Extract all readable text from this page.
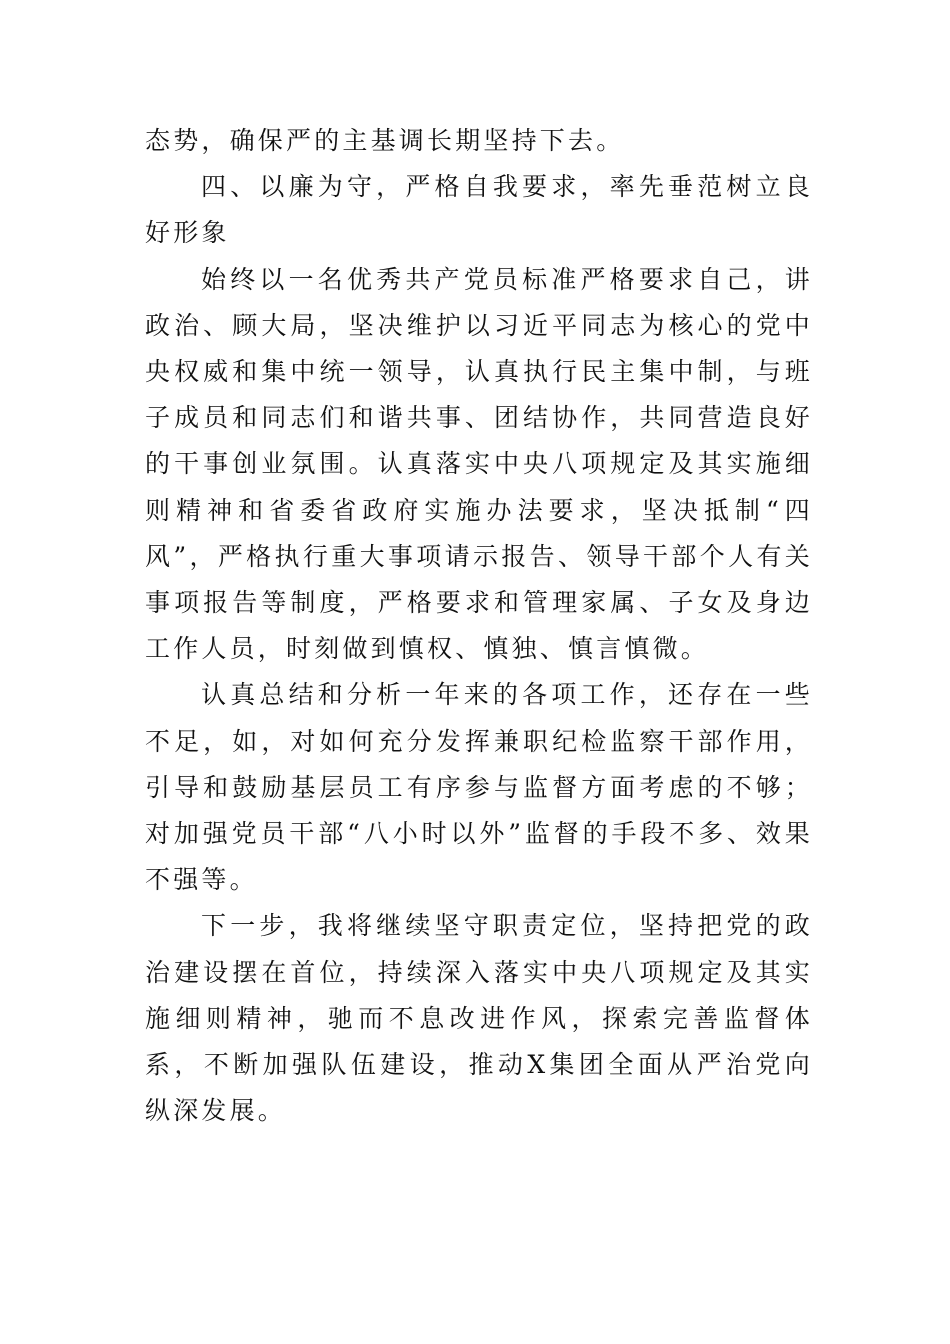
态势，确保严的主基调长期坚持下去。

四、以廉为守，严格自我要求，率先垂范树立良好形象

始终以一名优秀共产党员标准严格要求自己，讲政治、顾大局，坚决维护以习近平同志为核心的党中央权威和集中统一领导，认真执行民主集中制，与班子成员和同志们和谐共事、团结协作，共同营造良好的干事创业氛围。认真落实中央八项规定及其实施细则精神和省委省政府实施办法要求，坚决抵制“四风”，严格执行重大事项请示报告、领导干部个人有关事项报告等制度，严格要求和管理家属、子女及身边工作人员，时刻做到慎权、慎独、慎言慎微。

认真总结和分析一年来的各项工作，还存在一些不足，如，对如何充分发挥兼职纪检监察干部作用，引导和鼓励基层员工有序参与监督方面考虑的不够；对加强党员干部“八小时以外”监督的手段不多、效果不强等。

下一步，我将继续坚守职责定位，坚持把党的政治建设摆在首位，持续深入落实中央八项规定及其实施细则精神，驰而不息改进作风，探索完善监督体系，不断加强队伍建设，推动X集团全面从严治党向纵深发展。
